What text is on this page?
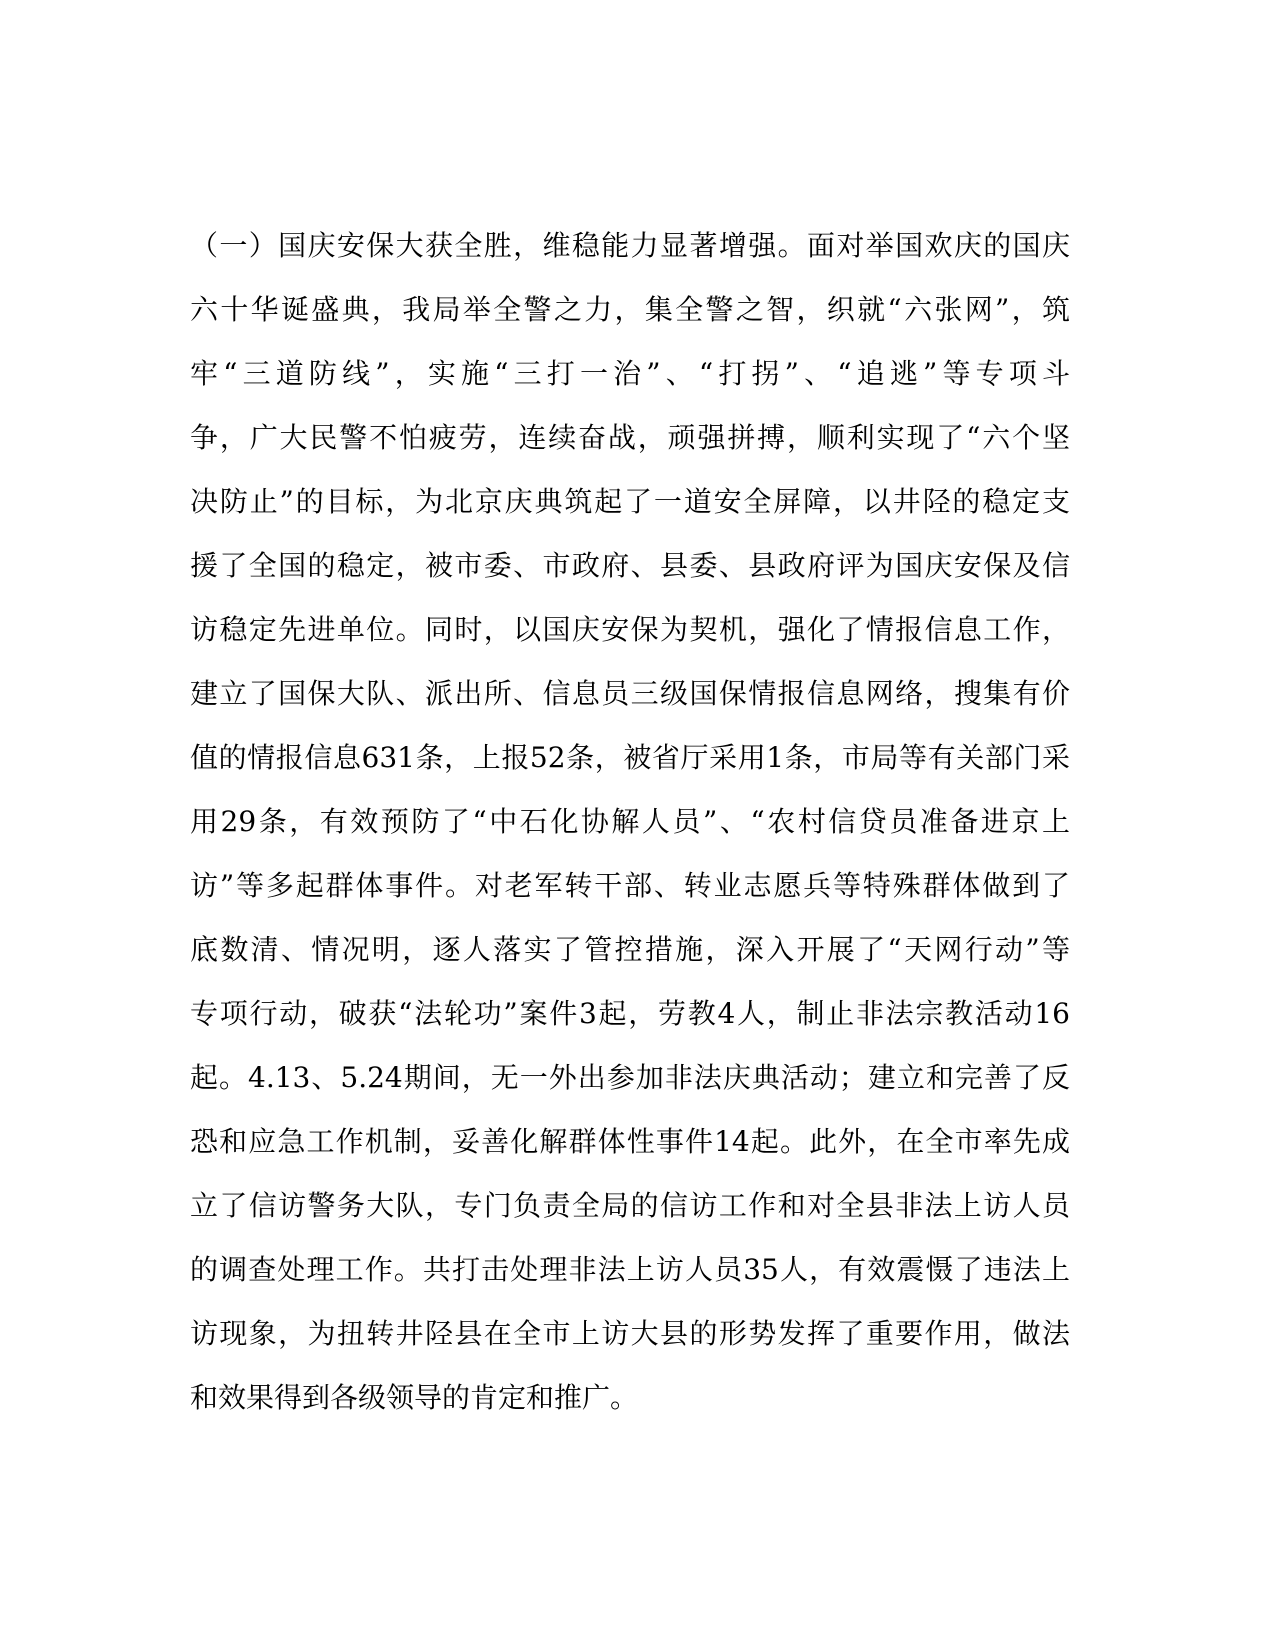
（一）国庆安保大获全胜，维稳能力显著增强。面对举国欢庆的国庆
六十华诞盛典，我局举全警之力，集全警之智，织就“六张网”，筑
牢“三道防线”，实施“三打一治”、“打拐”、“追逃”等专项斗
争，广大民警不怕疲劳，连续奋战，顽强拼搏，顺利实现了“六个坚
决防止”的目标，为北京庆典筑起了一道安全屏障，以井陉的稳定支
援了全国的稳定，被市委、市政府、县委、县政府评为国庆安保及信
访稳定先进单位。同时，以国庆安保为契机，强化了情报信息工作，
建立了国保大队、派出所、信息员三级国保情报信息网络，搜集有价
值的情报信息631条，上报52条，被省厅采用1条，市局等有关部门采
用29条，有效预防了“中石化协解人员”、“农村信贷员准备进京上
访”等多起群体事件。对老军转干部、转业志愿兵等特殊群体做到了
底数清、情况明，逐人落实了管控措施，深入开展了“天网行动”等
专项行动，破获“法轮功”案件3起，劳教4人，制止非法宗教活动16
起。4.13、5.24期间，无一外出参加非法庆典活动；建立和完善了反
恐和应急工作机制，妥善化解群体性事件14起。此外，在全市率先成
立了信访警务大队，专门负责全局的信访工作和对全县非法上访人员
的调查处理工作。共打击处理非法上访人员35人，有效震慑了违法上
访现象，为扭转井陉县在全市上访大县的形势发挥了重要作用，做法
和效果得到各级领导的肯定和推广。
